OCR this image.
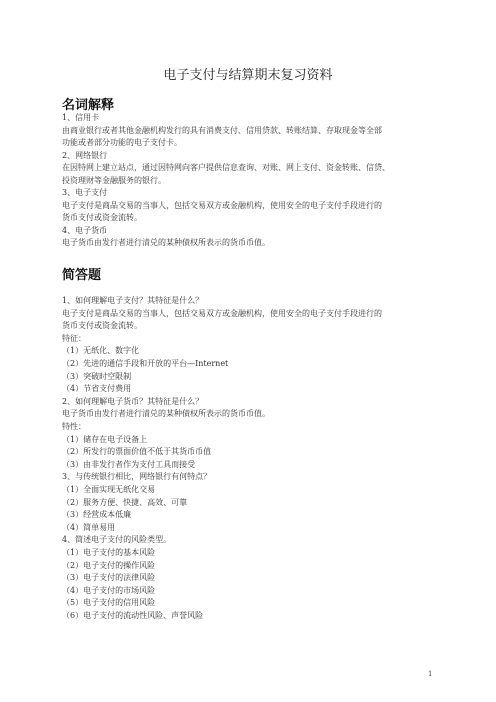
电子支付与结算期末复习资料
名词解释
1、信用卡
由商业银行或者其他金融机构发行的具有消费支付、信用贷款、转账结算、存取现金等全部
功能或者部分功能的电子支付卡。
2、网络银行
在因特网上建立站点，通过因特网向客户提供信息查询、对账、网上支付、资金转账、信贷、
投资理财等金融服务的银行。
3、电子支付
电子支付是商品交易的当事人，包括交易双方或金融机构，使用安全的电子支付手段进行的
货币支付或资金流转。
4、电子货币
电子货币由发行者进行清兑的某种债权所表示的货币币值。
简答题
1、如何理解电子支付？其特征是什么？
电子支付是商品交易的当事人，包括交易双方或金融机构，使用安全的电子支付手段进行的
货币支付或资金流转。
特征：
（1）无纸化、数字化
（2）先进的通信手段和开放的平台—Internet
（3）突破时空限制
（4）节省支付费用
2、如何理解电子货币？其特征是什么？
电子货币由发行者进行清兑的某种债权所表示的货币币值。
特性：
（1）储存在电子设备上
（2）所发行的票面价值不低于其货币币值
（3）由非发行者作为支付工具而接受
3、与传统银行相比，网络银行有何特点？
（1）全面实现无纸化交易
（2）服务方便、快捷、高效、可靠
（3）经营成本低廉
（4）简单易用
4、简述电子支付的风险类型。
（1）电子支付的基本风险
（2）电子支付的操作风险
（3）电子支付的法律风险
（4）电子支付的市场风险
（5）电子支付的信用风险
（6）电子支付的流动性风险、声誉风险
1
